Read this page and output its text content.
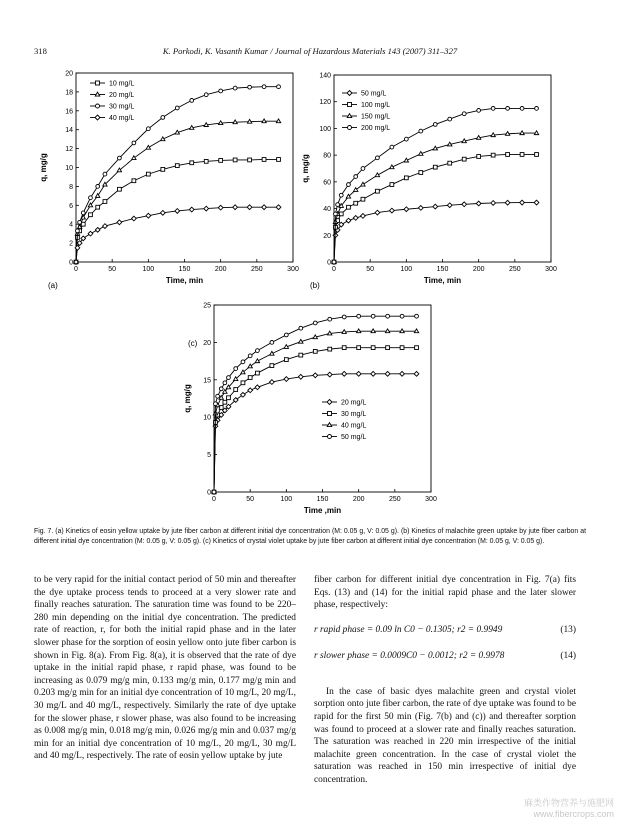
318	K. Porkodi, K. Vasanth Kumar / Journal of Hazardous Materials 143 (2007) 311–327
0	50	100	150	200	250	300
0
2
4
6
8
10
12
14
16
18
20
Time, min
q, mg/g
(a)
10 mg/L
20 mg/L
30 mg/L
40 mg/L
0	50	100	150	200	250	300
0
20
40
60
80
100
120
140
Time, min
q, mg/g
(b)
50 mg/L
100 mg/L
150 mg/L
200 mg/L
0	50	100	150	200	250	300
0
5
10
15
20
25
Time ,min
q, mg/g
(c)
20 mg/L
30 mg/L
40 mg/L
50 mg/L
Fig. 7. (a) Kinetics of eosin yellow uptake by jute fiber carbon at different initial dye concentration (M: 0.05 g, V: 0.05 g). (b) Kinetics of malachite green uptake by jute fiber carbon at different initial dye concentration (M: 0.05 g, V: 0.05 g). (c) Kinetics of crystal violet uptake by jute fiber carbon at different initial dye concentration (M: 0.05 g, V: 0.05 g).

to be very rapid for the initial contact period of 50 min and thereafter the dye uptake process tends to proceed at a very slower rate and finally reaches saturation. The saturation time was found to be 220–280 min depending on the initial dye concentration. The predicted rate of reaction, r, for both the initial rapid phase and in the later slower phase for the sorption of eosin yellow onto jute fiber carbon is shown in Fig. 8(a). From Fig. 8(a), it is observed that the rate of dye uptake in the initial rapid phase, r rapid phase, was found to be increasing as 0.079 mg/g min, 0.133 mg/g min, 0.177 mg/g min and 0.203 mg/g min for an initial dye concentration of 10 mg/L, 20 mg/L, 30 mg/L and 40 mg/L, respectively. Similarly the rate of dye uptake for the slower phase, r slower phase, was also found to be increasing as 0.008 mg/g min, 0.018 mg/g min, 0.026 mg/g min and 0.037 mg/g min for an initial dye concentration of 10 mg/L, 20 mg/L, 30 mg/L and 40 mg/L, respectively. The rate of eosin yellow uptake by jute

fiber carbon for different initial dye concentration in Fig. 7(a) fits Eqs. (13) and (14) for the initial rapid phase and the later slower phase, respectively:

r rapid phase = 0.09 ln C0 − 0.1305; r2 = 0.9949	(13)
r slower phase = 0.0009C0 − 0.0012; r2 = 0.9978	(14)

In the case of basic dyes malachite green and crystal violet sorption onto jute fiber carbon, the rate of dye uptake was found to be rapid for the first 50 min (Fig. 7(b) and (c)) and thereafter sorption was found to proceed at a slower rate and finally reaches saturation. The saturation was reached in 220 min irrespective of the initial malachite green concentration. In the case of crystal violet the saturation was reached in 150 min irrespective of initial dye concentration.

麻类作物营养与施肥网
www.fibercrops.com
